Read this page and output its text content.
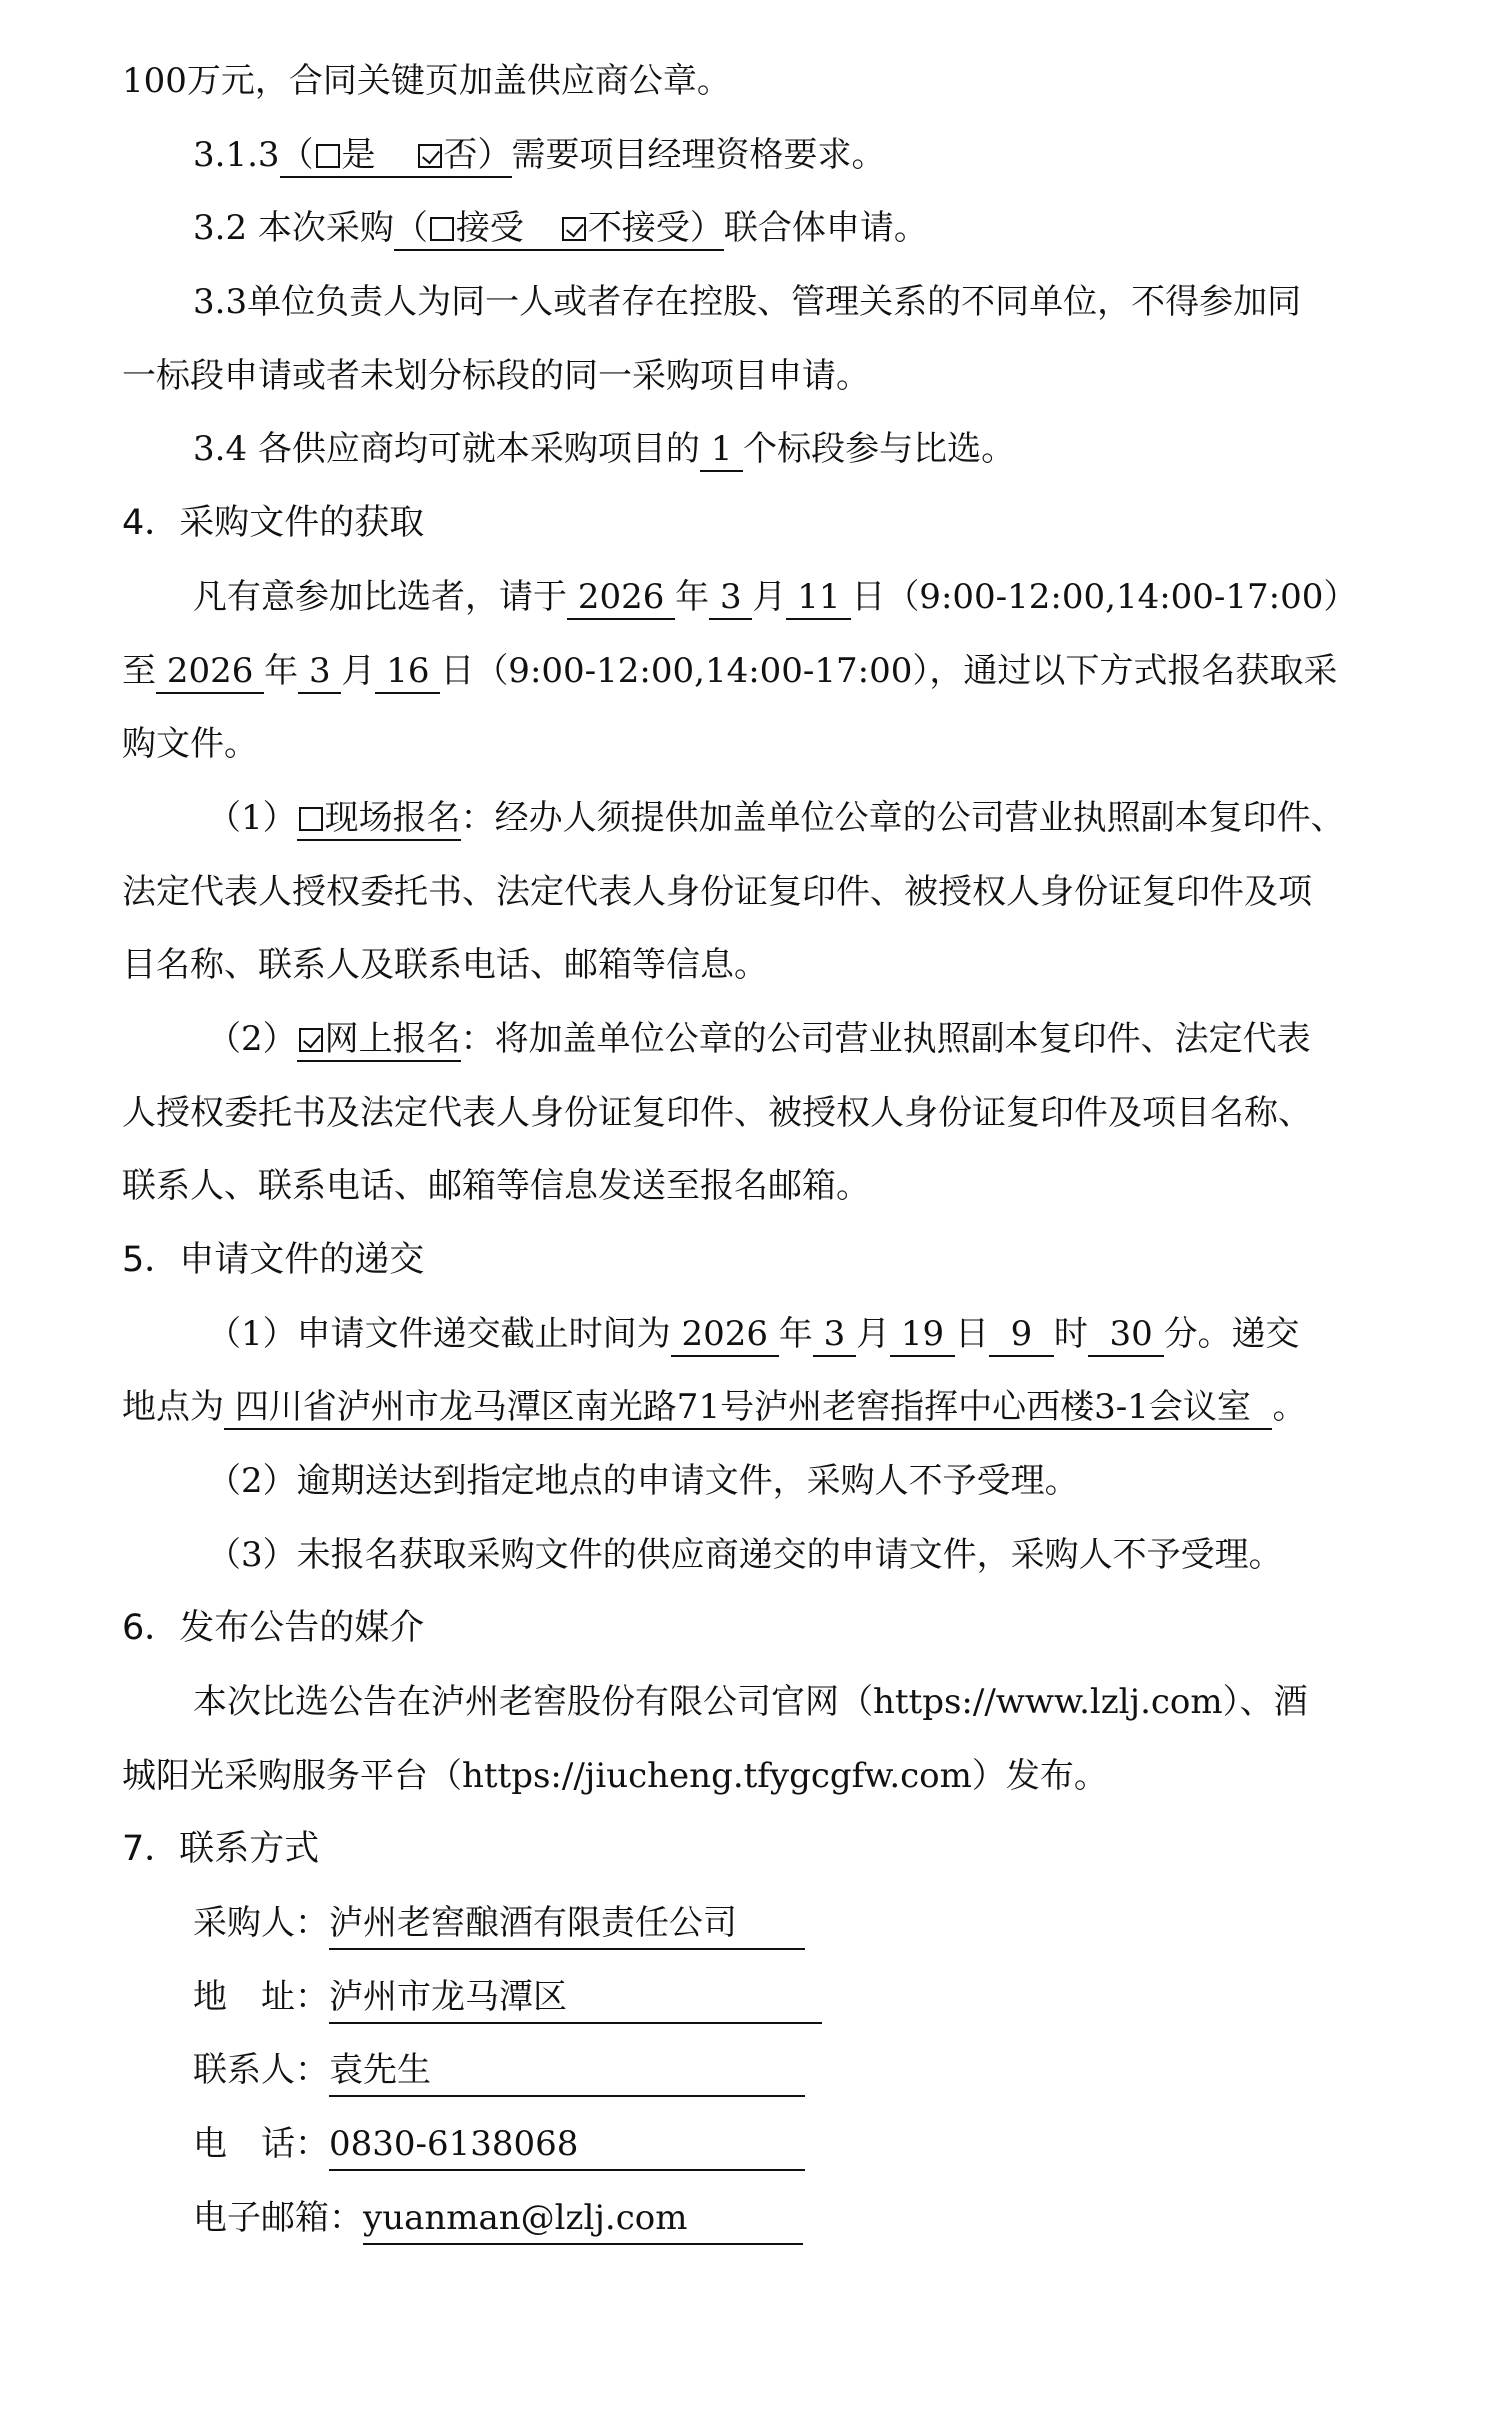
100万元，合同关键页加盖供应商公章。
3.1.3（ 是 否）需要项目经理资格要求。
3.2 本次采购（ 接受 不接受）联合体申请。
3.3单位负责人为同一人或者存在控股、管理关系的不同单位，不得参加同
一标段申请或者未划分标段的同一采购项目申请。
3.4 各供应商均可就本采购项目的 1 个标段参与比选。
4．采购文件的获取
凡有意参加比选者，请于 2026 年 3 月 11 日（9:00-12:00,14:00-17:00）
至 2026 年 3 月 16 日（9:00-12:00,14:00-17:00），通过以下方式报名获取采
购文件。
（1） 现场报名：经办人须提供加盖单位公章的公司营业执照副本复印件、
法定代表人授权委托书、法定代表人身份证复印件、被授权人身份证复印件及项
目名称、联系人及联系电话、邮箱等信息。
（2） 网上报名：将加盖单位公章的公司营业执照副本复印件、法定代表
人授权委托书及法定代表人身份证复印件、被授权人身份证复印件及项目名称、
联系人、联系电话、邮箱等信息发送至报名邮箱。
5．申请文件的递交
（1）申请文件递交截止时间为 2026 年 3 月 19 日 9 时 30 分。递交
地点为 四川省泸州市龙马潭区南光路71号泸州老窖指挥中心西楼3-1会议室 。
（2）逾期送达到指定地点的申请文件，采购人不予受理。
（3）未报名获取采购文件的供应商递交的申请文件，采购人不予受理。
6．发布公告的媒介
本次比选公告在泸州老窖股份有限公司官网（https://www.lzlj.com）、酒
城阳光采购服务平台（https://jiucheng.tfygcgfw.com）发布。
7．联系方式
采购人：泸州老窖酿酒有限责任公司
地　址：泸州市龙马潭区
联系人：袁先生
电　话：0830-6138068
电子邮箱：yuanman@lzlj.com
